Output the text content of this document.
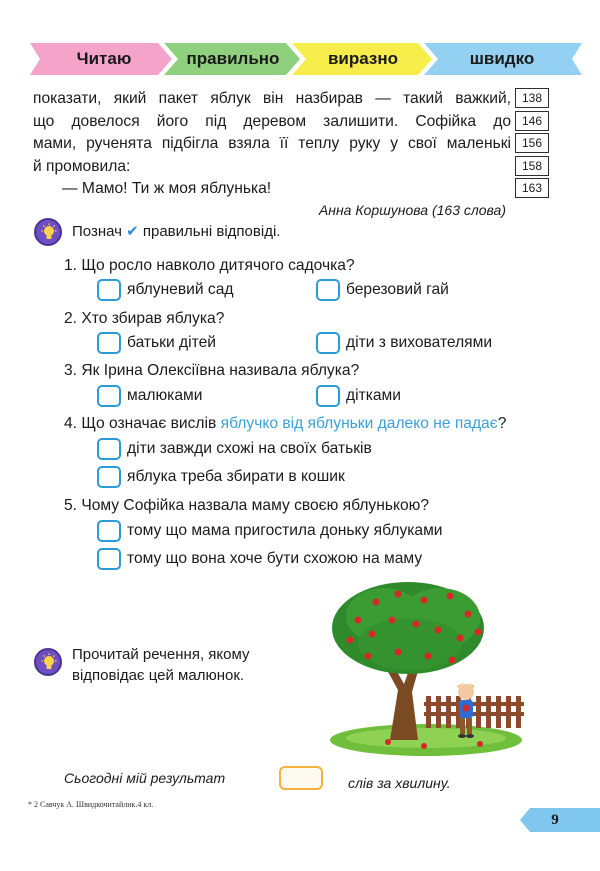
Читаю	правильно	виразно	швидко
показати, який пакет яблук він назбирав — такий важкий,
що довелося його під деревом залишити. Софійка до
мами, рученята підбігла взяла її теплу руку у свої маленькі
й промовила:
— Мамо! Ти ж моя яблунька!
138
146
156
158
163
Анна Коршунова (163 слова)
Познач ✔ правильні відповіді.
1. Що росло навколо дитячого садочка?
яблуневий сад	березовий гай
2. Хто збирав яблука?
батьки дітей	діти з вихователями
3. Як Ірина Олексіївна називала яблука?
малюками	дітками
4. Що означає вислів яблучко від яблуньки далеко не падає?
діти завжди схожі на своїх батьків
яблука треба збирати в кошик
5. Чому Софійка назвала маму своєю яблунькою?
тому що мама пригостила доньку яблуками
тому що вона хоче бути схожою на маму
Прочитай речення, якому відповідає цей малюнок.
Сьогодні мій результат	слів за хвилину.
* 2 Савчук А. Швидкочитайлик.4 кл.
9
